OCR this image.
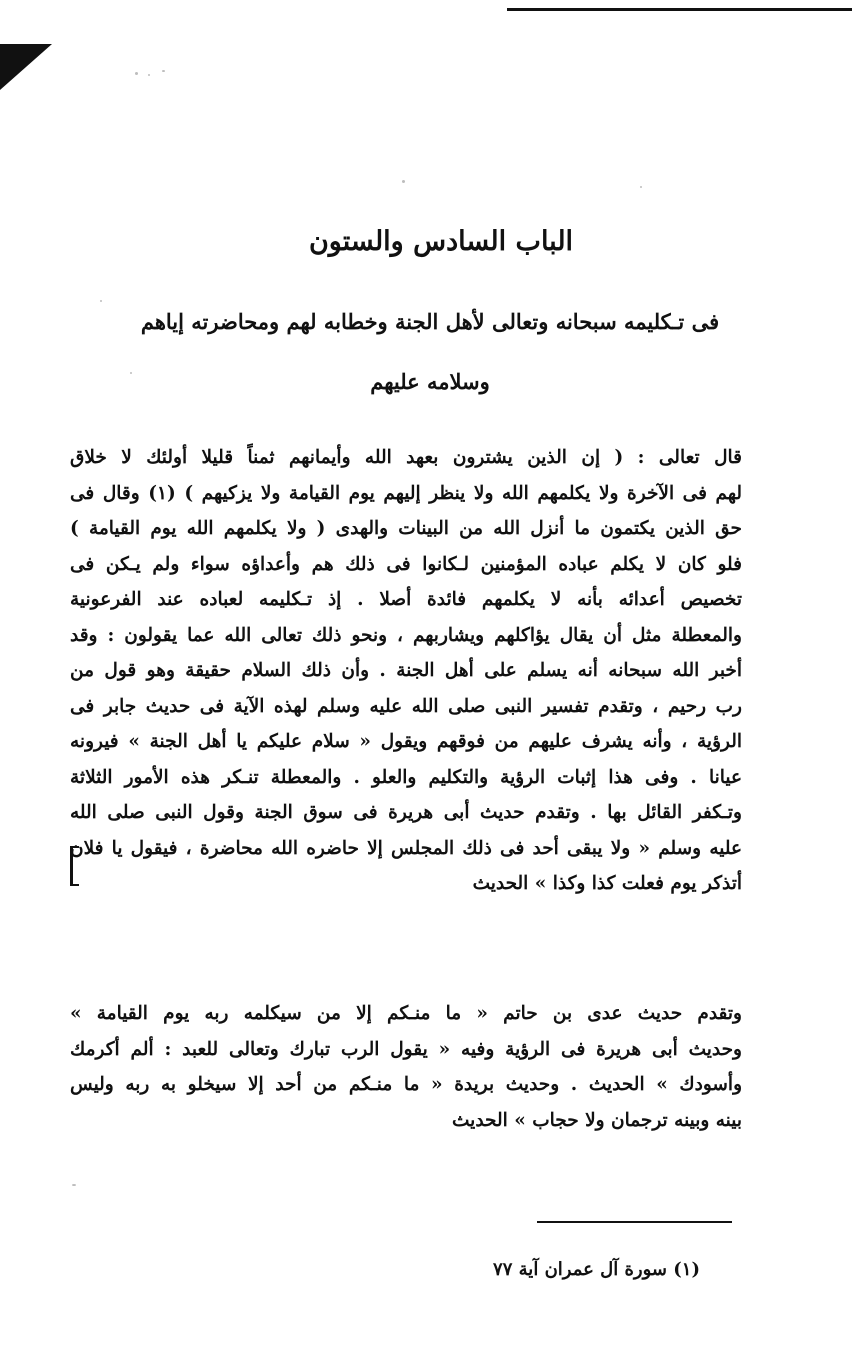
الباب السادس والستون
فى تـكليمه سبحانه وتعالى لأهل الجنة وخطابه لهم ومحاضرته إياهم
وسلامه عليهم
قال تعالى : ( إن الذين يشترون بعهد الله وأيمانهم ثمناً قليلا أولئك لا خلاق
لهم فى الآخرة ولا يكلمهم الله ولا ينظر إليهم يوم القيامة ولا يزكيهم ) (١) وقال فى
حق الذين يكتمون ما أنزل الله من البينات والهدى ( ولا يكلمهم الله يوم القيامة )
فلو كان لا يكلم عباده المؤمنين لـكانوا فى ذلك هم وأعداؤه سواء ولم يـكن فى
تخصيص أعدائه بأنه لا يكلمهم فائدة أصلا . إذ تـكليمه لعباده عند الفرعونية
والمعطلة مثل أن يقال يؤاكلهم ويشاربهم ، ونحو ذلك تعالى الله عما يقولون : وقد
أخبر الله سبحانه أنه يسلم على أهل الجنة . وأن ذلك السلام حقيقة وهو قول من
رب رحيم ، وتقدم تفسير النبى صلى الله عليه وسلم لهذه الآية فى حديث جابر فى
الرؤية ، وأنه يشرف عليهم من فوقهم ويقول « سلام عليكم يا أهل الجنة » فيرونه
عيانا . وفى هذا إثبات الرؤية والتكليم والعلو . والمعطلة تنـكر هذه الأمور الثلاثة
وتـكفر القائل بها . وتقدم حديث أبى هريرة فى سوق الجنة وقول النبى صلى الله
عليه وسلم « ولا يبقى أحد فى ذلك المجلس إلا حاضره الله محاضرة ، فيقول يا فلان
أتذكر يوم فعلت كذا وكذا » الحديث
وتقدم حديث عدى بن حاتم « ما منـكم إلا من سيكلمه ربه يوم القيامة »
وحديث أبى هريرة فى الرؤية وفيه « يقول الرب تبارك وتعالى للعبد : ألم أكرمك
وأسودك » الحديث . وحديث بريدة « ما منـكم من أحد إلا سيخلو به ربه وليس
بينه وبينه ترجمان ولا حجاب » الحديث
(١) سورة آل عمران آية ٧٧
